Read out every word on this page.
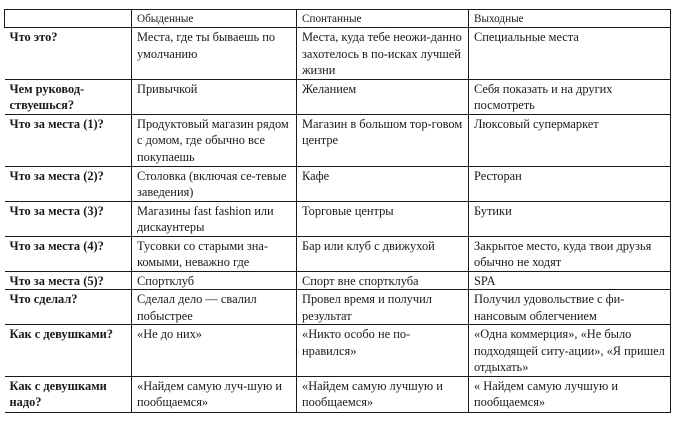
	Обыденные	Спонтанные	Выходные
Что это?	Места, где ты бываешь по умолчанию	Места, куда тебе неожи-данно захотелось в по-исках лучшей жизни	Специальные места
Чем руковод-ствуешься?	Привычкой	Желанием	Себя показать и на других посмотреть
Что за места (1)?	Продуктовый магазин рядом с домом, где обычно все покупаешь	Магазин в большом тор-говом центре	Люксовый супермаркет
Что за места (2)?	Столовка (включая се-тевые заведения)	Кафе	Ресторан
Что за места (3)?	Магазины fast fashion или дискаунтеры	Торговые центры	Бутики
Что за места (4)?	Тусовки со старыми зна-комыми, неважно где	Бар или клуб с движухой	Закрытое место, куда твои друзья обычно не ходят
Что за места (5)?	Спортклуб	Спорт вне спортклуба	SPA
Что сделал?	Сделал дело — свалил побыстрее	Провел время и получил результат	Получил удовольствие с фи-нансовым облегчением
Как с девушками?	«Не до них»	«Никто особо не по-нравился»	«Одна коммерция», «Не было подходящей ситу-ации», «Я пришел отдыхать»
Как с девушками надо?	«Найдем самую луч-шую и пообщаемся»	«Найдем самую лучшую и пообщаемся»	« Найдем самую лучшую и пообщаемся»
